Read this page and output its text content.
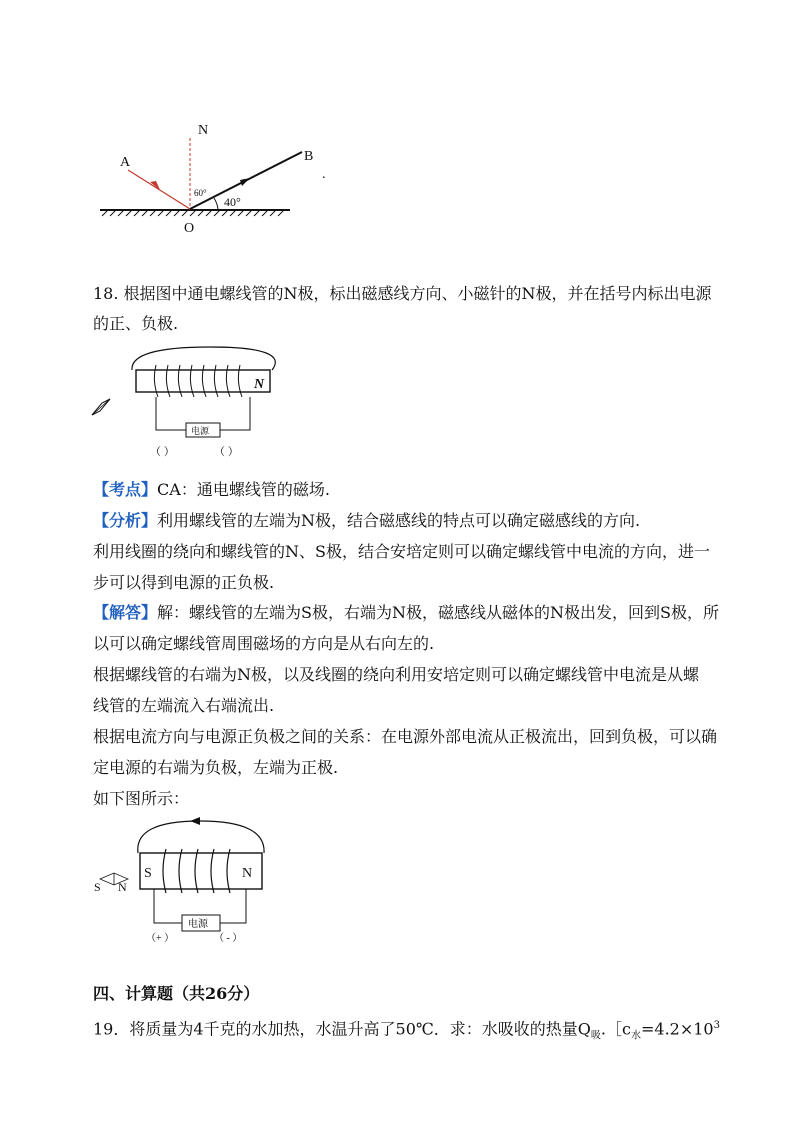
N
A	B
O
60°
40°
.
18. 根据图中通电螺线管的N极，标出磁感线方向、小磁针的N极，并在括号内标出电源
的正、负极.
N
电源
（ ）	（ ）
【考点】CA：通电螺线管的磁场.
【分析】利用螺线管的左端为N极，结合磁感线的特点可以确定磁感线的方向.
利用线圈的绕向和螺线管的N、S极，结合安培定则可以确定螺线管中电流的方向，进一
步可以得到电源的正负极.
【解答】解：螺线管的左端为S极，右端为N极，磁感线从磁体的N极出发，回到S极，所
以可以确定螺线管周围磁场的方向是从右向左的.
根据螺线管的右端为N极，以及线圈的绕向利用安培定则可以确定螺线管中电流是从螺
线管的左端流入右端流出.
根据电流方向与电源正负极之间的关系：在电源外部电流从正极流出，回到负极，可以确
定电源的右端为负极，左端为正极.
如下图所示：
S	N
电源
（+ ）	（ - ）
S N
四、计算题（共26分）
19．将质量为4千克的水加热，水温升高了50℃．求：水吸收的热量$Q_吸.[c_水=4.2\times 10^3$
